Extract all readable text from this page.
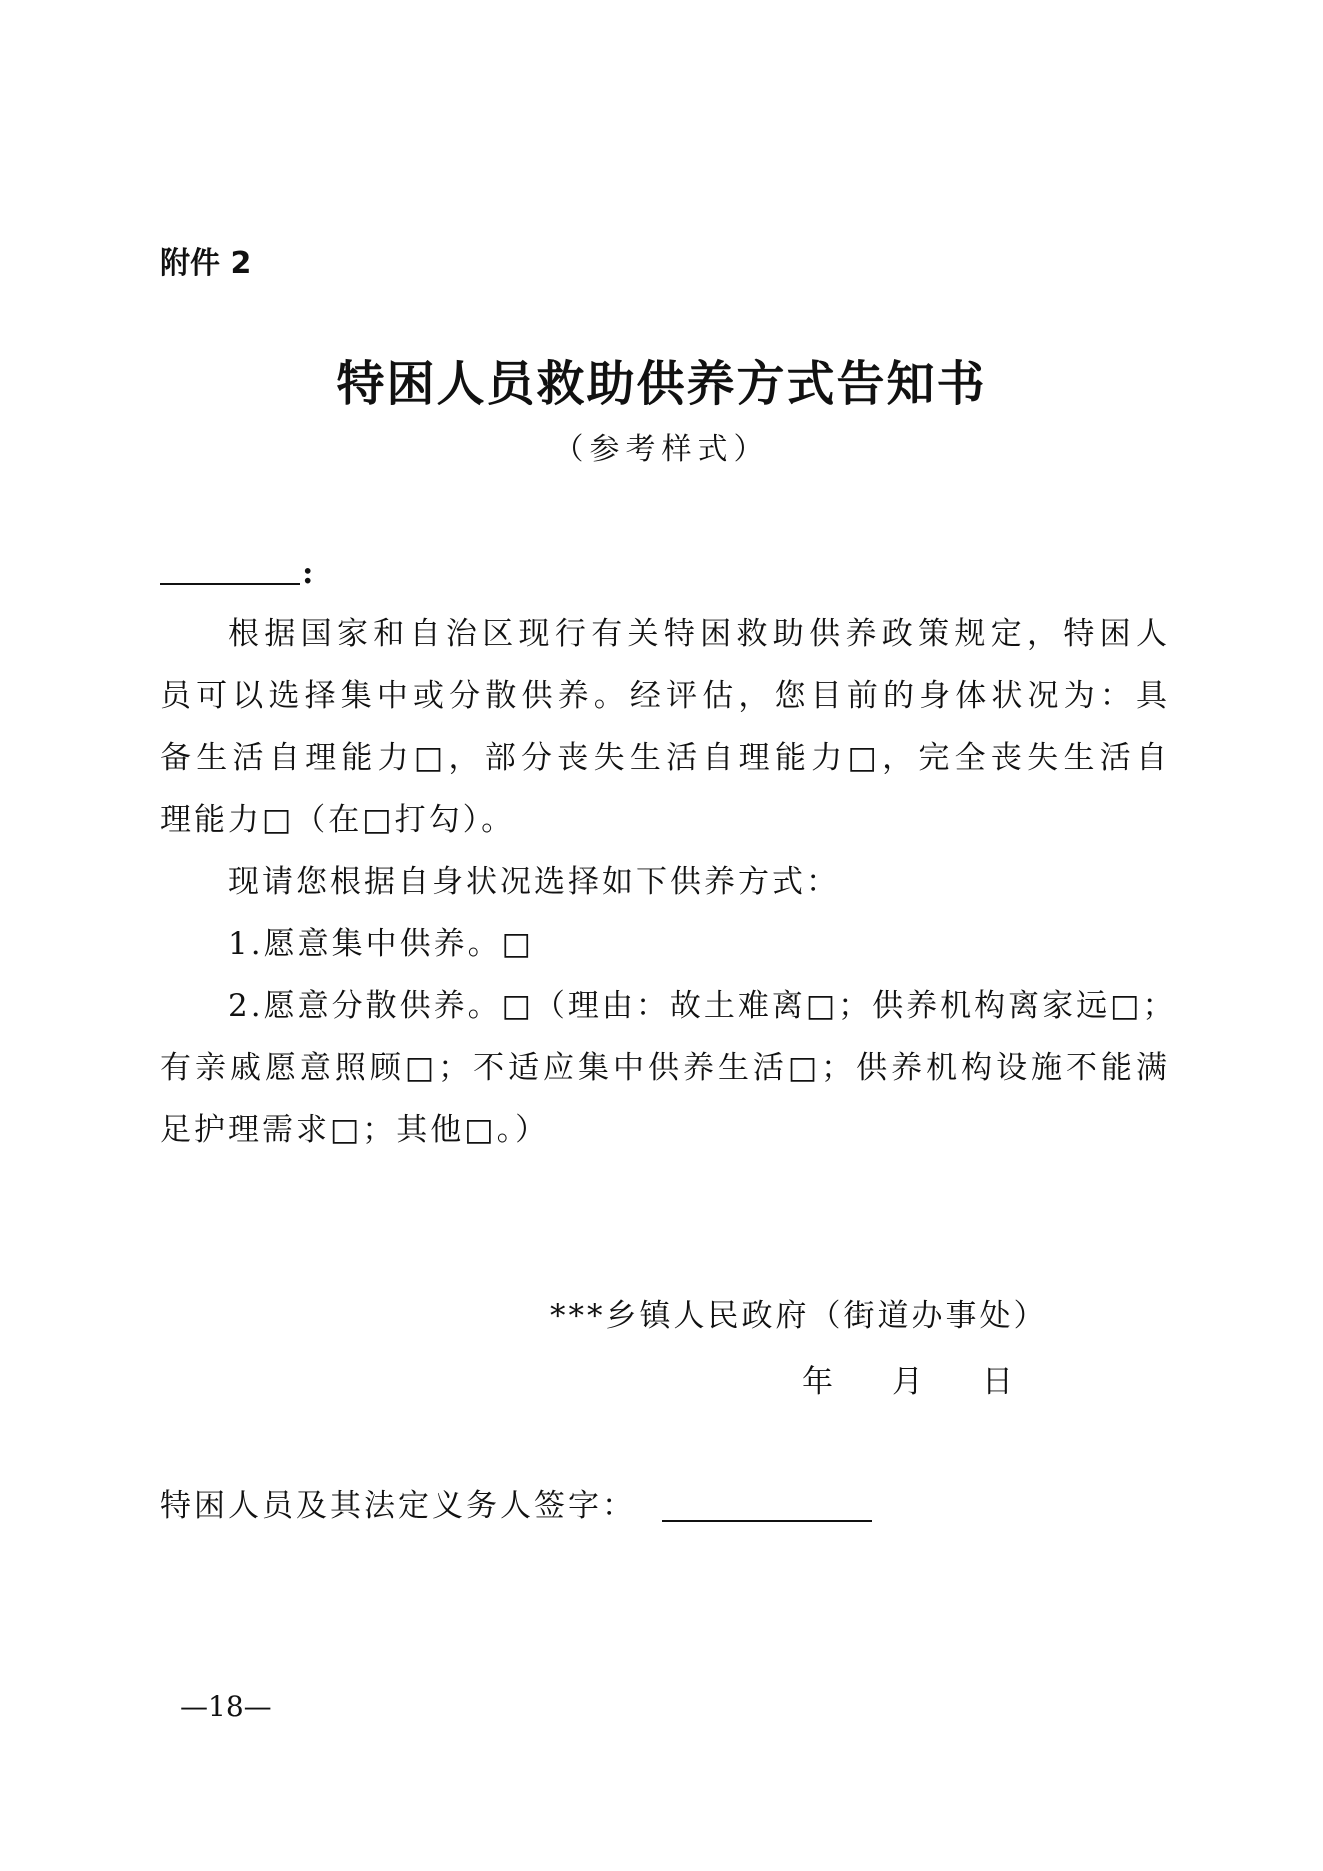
附件 2
特困人员救助供养方式告知书
（参考样式）
:
根据国家和自治区现行有关特困救助供养政策规定，特困人
员可以选择集中或分散供养。经评估，您目前的身体状况为：具
备生活自理能力□，部分丧失生活自理能力□，完全丧失生活自
理能力□（在□打勾）。
现请您根据自身状况选择如下供养方式：
1.愿意集中供养。□
2.愿意分散供养。□（理由：故土难离□；供养机构离家远□；
有亲戚愿意照顾□；不适应集中供养生活□；供养机构设施不能满
足护理需求□；其他□。）
***乡镇人民政府（街道办事处）
年　月　日
特困人员及其法定义务人签字：
—18—
